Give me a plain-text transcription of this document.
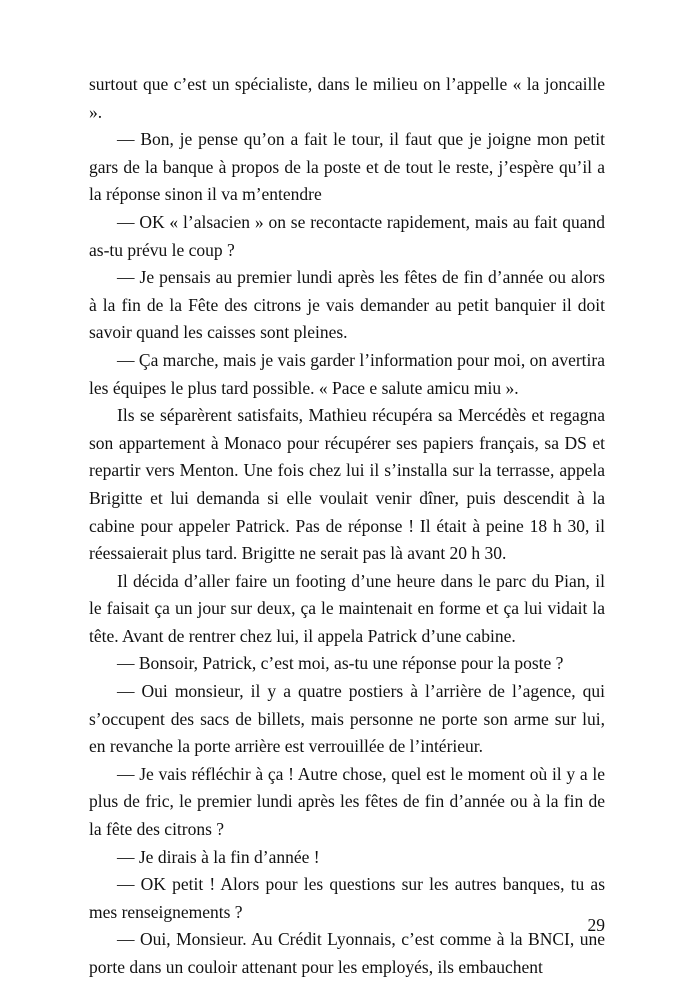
surtout que c’est un spécialiste, dans le milieu on l’appelle « la joncaille ».

— Bon, je pense qu’on a fait le tour, il faut que je joigne mon petit gars de la banque à propos de la poste et de tout le reste, j’espère qu’il a la réponse sinon il va m’entendre

— OK « l’alsacien » on se recontacte rapidement, mais au fait quand as-tu prévu le coup ?

— Je pensais au premier lundi après les fêtes de fin d’année ou alors à la fin de la Fête des citrons je vais demander au petit banquier il doit savoir quand les caisses sont pleines.

— Ça marche, mais je vais garder l’information pour moi, on avertira les équipes le plus tard possible. « Pace e salute amicu miu ».

Ils se séparèrent satisfaits, Mathieu récupéra sa Mercédès et regagna son appartement à Monaco pour récupérer ses papiers français, sa DS et repartir vers Menton. Une fois chez lui il s’installa sur la terrasse, appela Brigitte et lui demanda si elle voulait venir dîner, puis descendit à la cabine pour appeler Patrick. Pas de réponse ! Il était à peine 18 h 30, il réessaierait plus tard. Brigitte ne serait pas là avant 20 h 30.

Il décida d’aller faire un footing d’une heure dans le parc du Pian, il le faisait ça un jour sur deux, ça le maintenait en forme et ça lui vidait la tête. Avant de rentrer chez lui, il appela Patrick d’une cabine.

— Bonsoir, Patrick, c’est moi, as-tu une réponse pour la poste ?

— Oui monsieur, il y a quatre postiers à l’arrière de l’agence, qui s’occupent des sacs de billets, mais personne ne porte son arme sur lui, en revanche la porte arrière est verrouillée de l’intérieur.

— Je vais réfléchir à ça ! Autre chose, quel est le moment où il y a le plus de fric, le premier lundi après les fêtes de fin d’année ou à la fin de la fête des citrons ?

— Je dirais à la fin d’année !

— OK petit ! Alors pour les questions sur les autres banques, tu as mes renseignements ?

— Oui, Monsieur. Au Crédit Lyonnais, c’est comme à la BNCI, une porte dans un couloir attenant pour les employés, ils embauchent

29
